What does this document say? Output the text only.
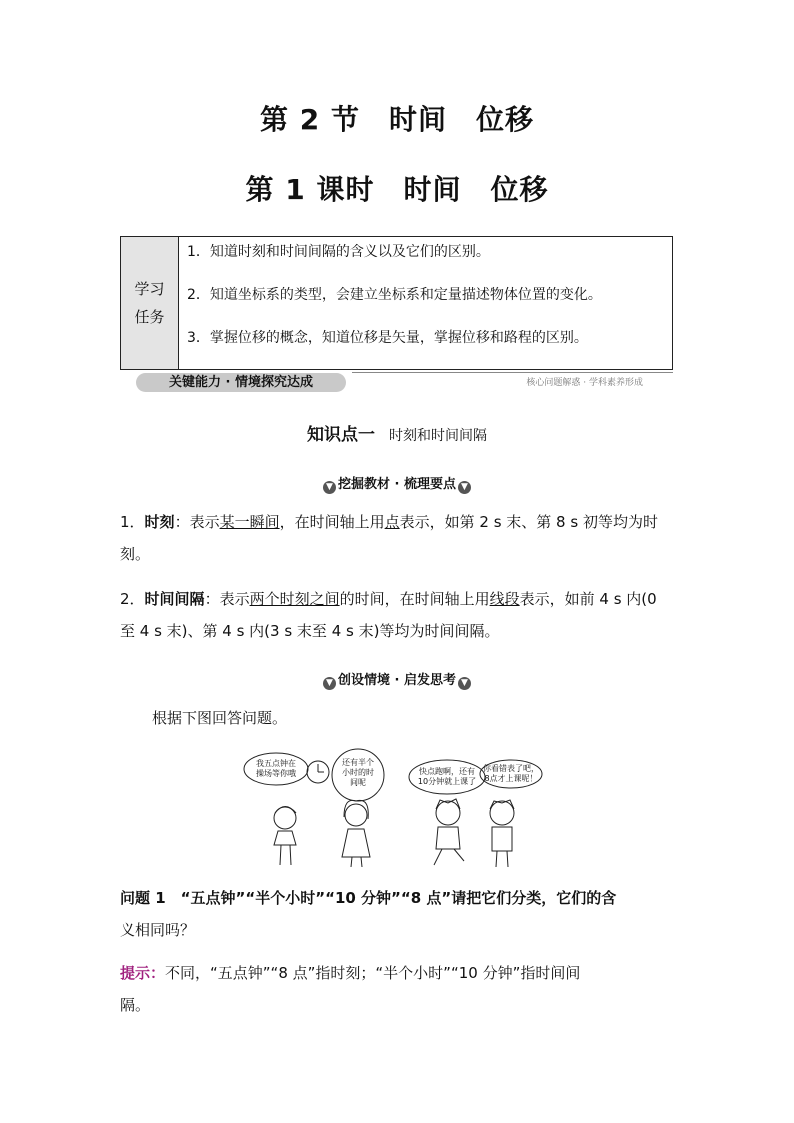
第 2 节　时间　位移
第 1 课时　时间　位移
学习
任务
1．知道时刻和时间间隔的含义以及它们的区别。
2．知道坐标系的类型，会建立坐标系和定量描述物体位置的变化。
3．掌握位移的概念，知道位移是矢量，掌握位移和路程的区别。
关键能力 · 情境探究达成	核心问题解惑 · 学科素养形成
知识点一 时刻和时间间隔
▼ 挖掘教材 · 梳理要点 ▼
1．时刻：表示某一瞬间，在时间轴上用点表示，如第 2 s 末、第 8 s 初等均为时
刻。
2．时间间隔：表示两个时刻之间的时间，在时间轴上用线段表示，如前 4 s 内(0
至 4 s 末)、第 4 s 内(3 s 末至 4 s 末)等均为时间间隔。
▼ 创设情境 · 启发思考 ▼
根据下图回答问题。
我五点钟在
操场等你哦
还有半个
小时的时
间呢
快点跑啊，还有
10分钟就上课了
你看错表了吧，
8点才上课呢！
问题 1　“五点钟”“半个小时”“10 分钟”“8 点”请把它们分类，它们的含
义相同吗？
提示：不同，“五点钟”“8 点”指时刻；“半个小时”“10 分钟”指时间间
隔。
